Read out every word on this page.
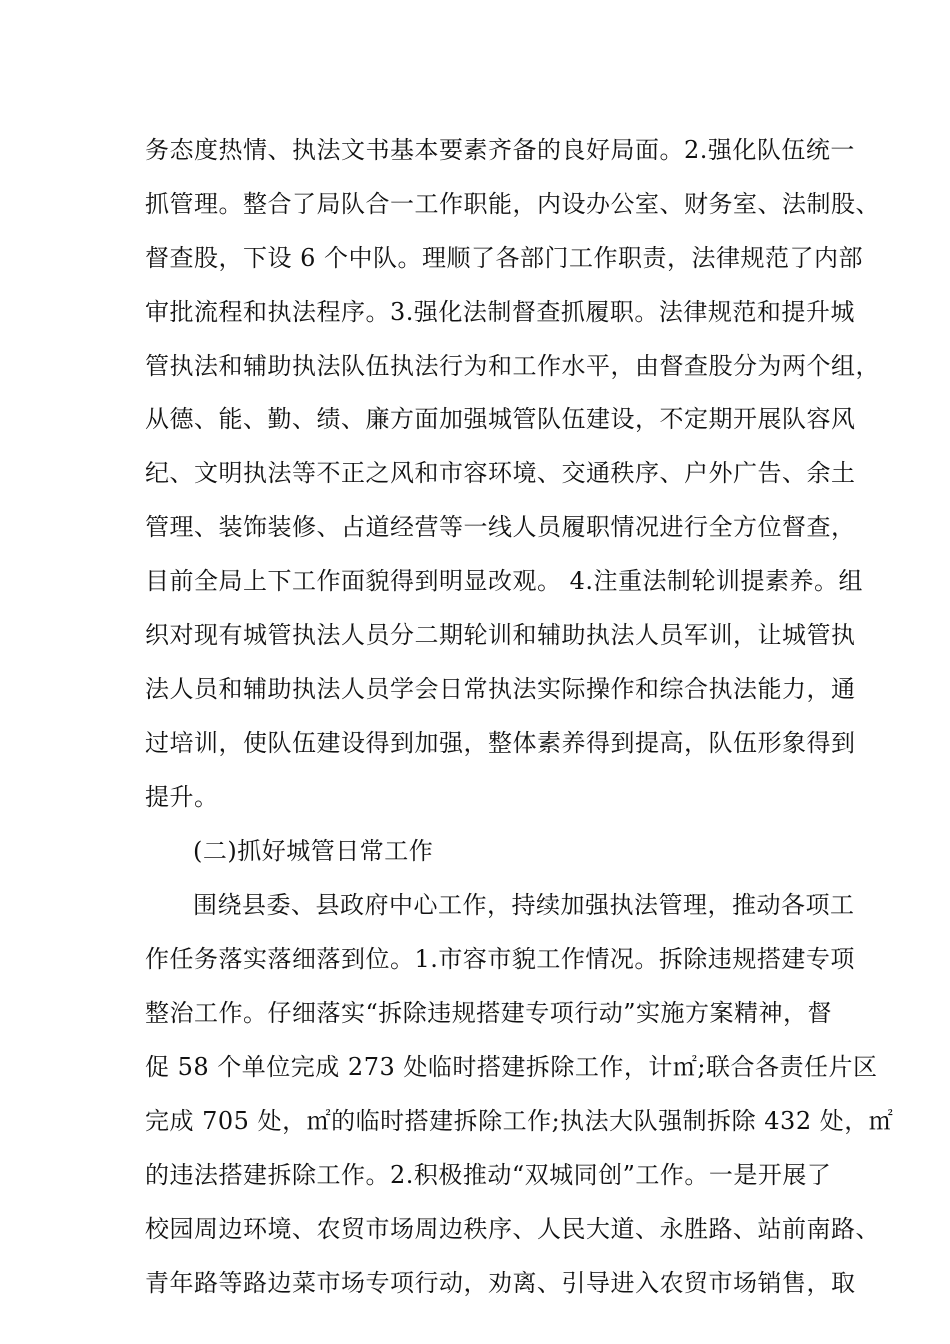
务态度热情、执法文书基本要素齐备的良好局面。2.强化队伍统一
抓管理。整合了局队合一工作职能，内设办公室、财务室、法制股、
督查股，下设 6 个中队。理顺了各部门工作职责，法律规范了内部
审批流程和执法程序。3.强化法制督查抓履职。法律规范和提升城
管执法和辅助执法队伍执法行为和工作水平，由督查股分为两个组，
从德、能、勤、绩、廉方面加强城管队伍建设，不定期开展队容风
纪、文明执法等不正之风和市容环境、交通秩序、户外广告、余土
管理、装饰装修、占道经营等一线人员履职情况进行全方位督查，
目前全局上下工作面貌得到明显改观。 4.注重法制轮训提素养。组
织对现有城管执法人员分二期轮训和辅助执法人员军训，让城管执
法人员和辅助执法人员学会日常执法实际操作和综合执法能力，通
过培训，使队伍建设得到加强，整体素养得到提高，队伍形象得到
提升。
(二)抓好城管日常工作
围绕县委、县政府中心工作，持续加强执法管理，推动各项工
作任务落实落细落到位。1.市容市貌工作情况。拆除违规搭建专项
整治工作。仔细落实“拆除违规搭建专项行动”实施方案精神，督
促 58 个单位完成 273 处临时搭建拆除工作，计㎡;联合各责任片区
完成 705 处，㎡的临时搭建拆除工作;执法大队强制拆除 432 处，㎡
的违法搭建拆除工作。2.积极推动“双城同创”工作。一是开展了
校园周边环境、农贸市场周边秩序、人民大道、永胜路、站前南路、
青年路等路边菜市场专项行动，劝离、引导进入农贸市场销售，取
